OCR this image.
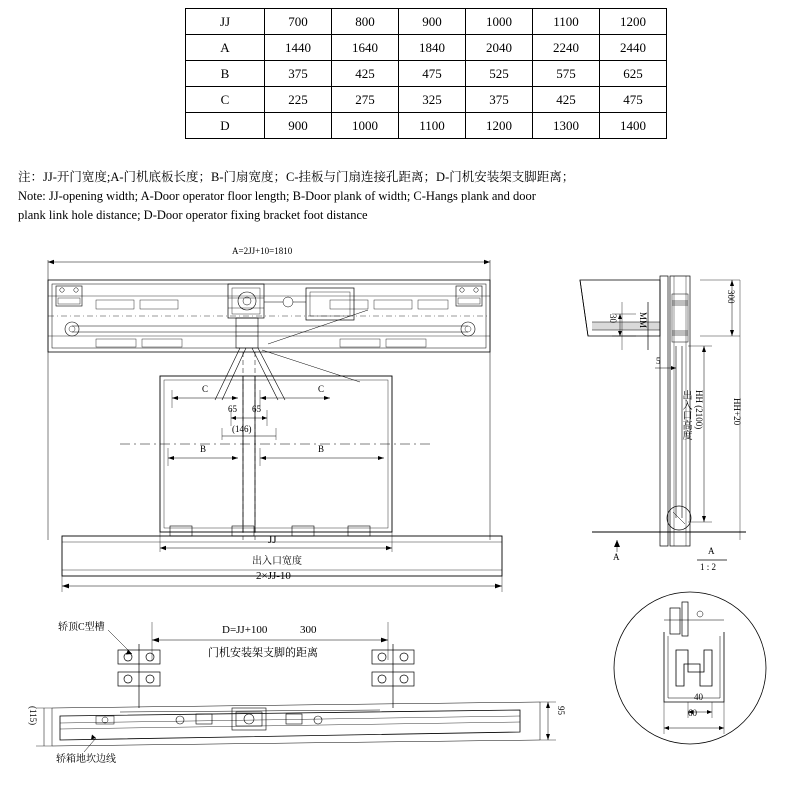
JJ	700	800	900	1000	1100	1200
A	1440	1640	1840	2040	2240	2440
B	375	425	475	525	575	625
C	225	275	325	375	425	475
D	900	1000	1100	1200	1300	1400
注：JJ-开门宽度;A-门机底板长度；B-门扇宽度；C-挂板与门扇连接孔距离；D-门机安装架支脚距离；
Note: JJ-opening width; A-Door operator floor length; B-Door plank of width; C-Hangs plank and door
plank link hole distance; D-Door operator fixing bracket foot distance
A=2JJ+10=1810
C	C
65 65
(146)
B	B
JJ
出入口宽度
2×JJ-10
300
30 MM
5
HH (2100)
出入口高度	HH+20
A
A
1 : 2
轿顶C型槽	D=JJ+100	300
门机安装架支脚的距离
(115)	95
轿箱地坎边线
40
60
